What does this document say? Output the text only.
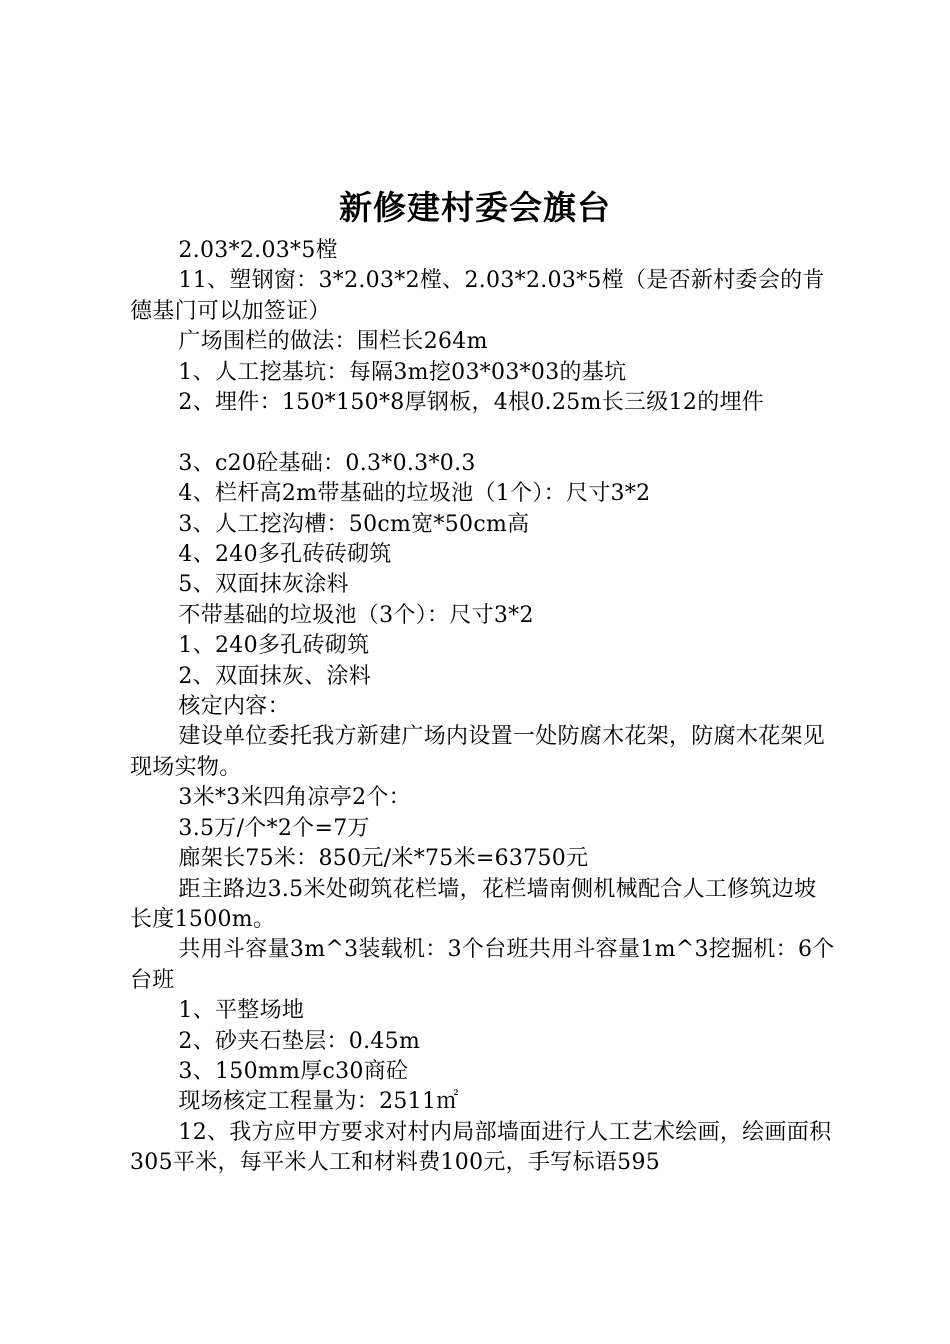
新修建村委会旗台

2.03*2.03*5樘

11、塑钢窗：3*2.03*2樘、2.03*2.03*5樘（是否新村委会的肯德基门可以加签证）

广场围栏的做法：围栏长264m

1、人工挖基坑：每隔3m挖03*03*03的基坑

2、埋件：150*150*8厚钢板，4根0.25m长三级12的埋件

3、c20砼基础：0.3*0.3*0.3

4、栏杆高2m带基础的垃圾池（1个）：尺寸3*2

3、人工挖沟槽：50cm宽*50cm高

4、240多孔砖砖砌筑

5、双面抹灰涂料

不带基础的垃圾池（3个）：尺寸3*2

1、240多孔砖砌筑

2、双面抹灰、涂料

核定内容：

建设单位委托我方新建广场内设置一处防腐木花架，防腐木花架见现场实物。

3米*3米四角凉亭2个：

3.5万/个*2个=7万

廊架长75米：850元/米*75米=63750元

距主路边3.5米处砌筑花栏墙，花栏墙南侧机械配合人工修筑边坡长度1500m。

共用斗容量3m^3装载机：3个台班共用斗容量1m^3挖掘机：6个台班

1、平整场地

2、砂夹石垫层：0.45m

3、150mm厚c30商砼

现场核定工程量为：2511㎡

12、我方应甲方要求对村内局部墙面进行人工艺术绘画，绘画面积305平米，每平米人工和材料费100元，手写标语595
